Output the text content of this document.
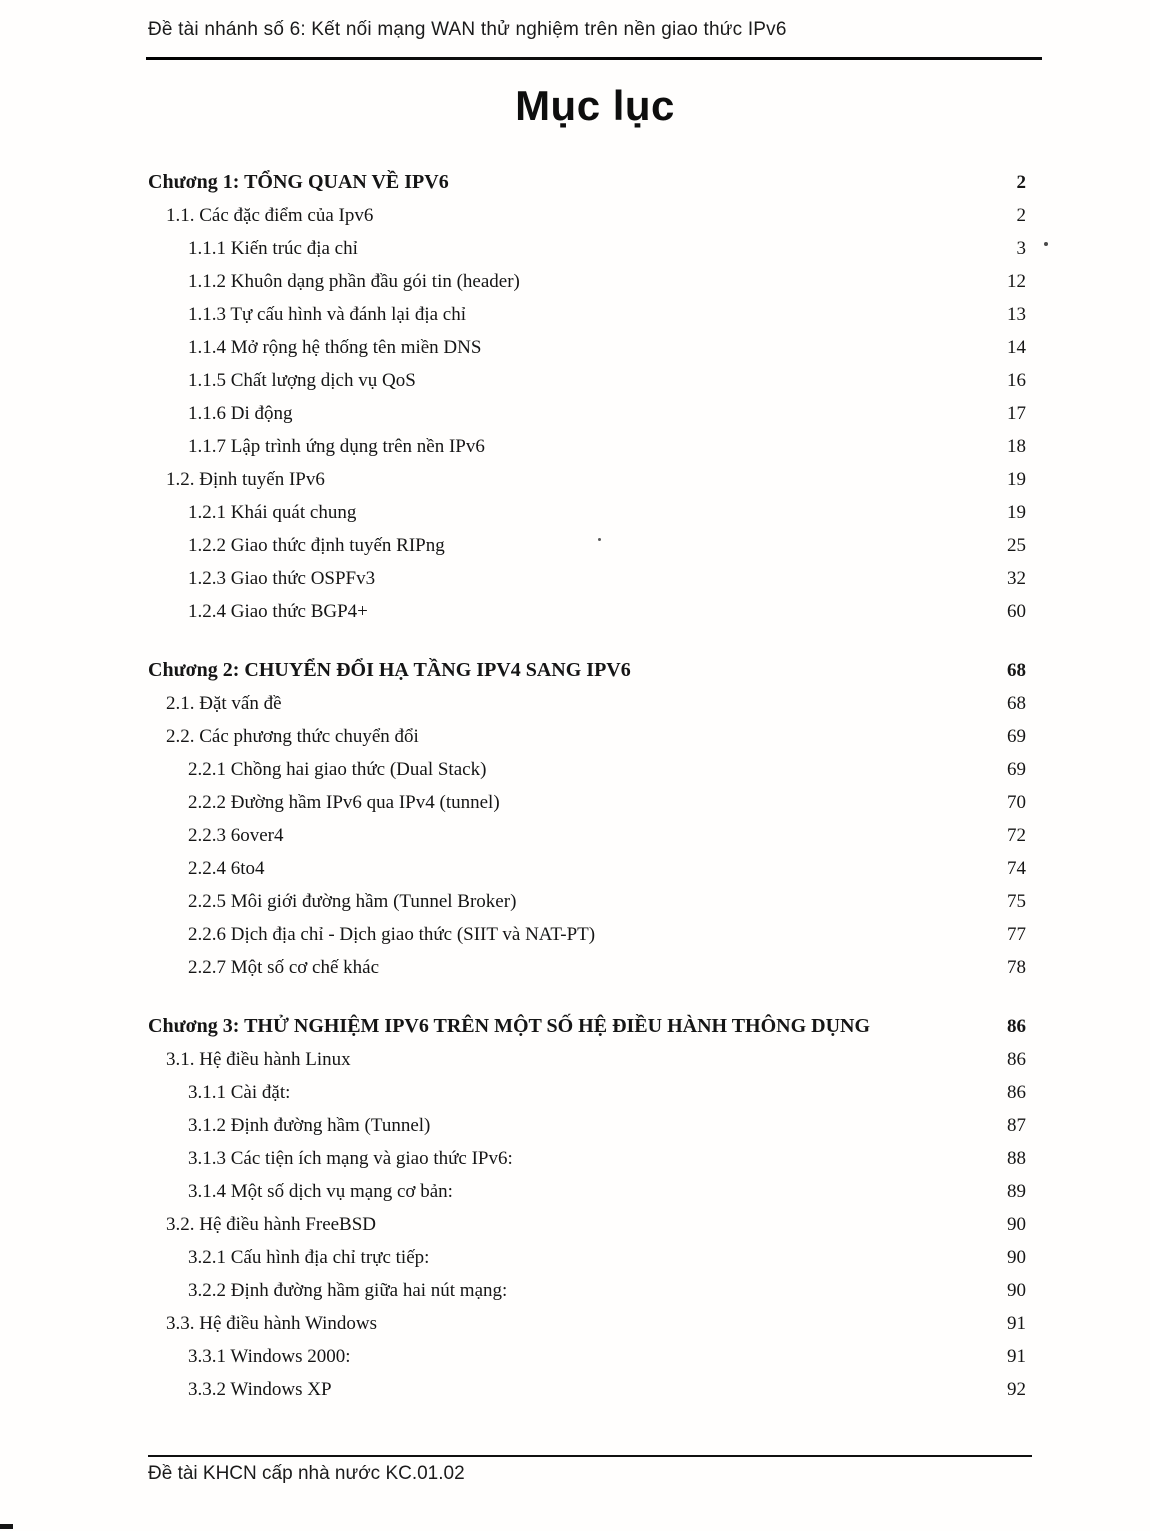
Đề tài nhánh số 6: Kết nối mạng WAN thử nghiệm trên nền giao thức IPv6
Mục lục
Chương 1: TỔNG QUAN VỀ IPV6	2
1.1. Các đặc điểm của Ipv6	2
1.1.1 Kiến trúc địa chỉ	3
1.1.2 Khuôn dạng phần đầu gói tin (header)	12
1.1.3 Tự cấu hình và đánh lại địa chỉ	13
1.1.4 Mở rộng hệ thống tên miền DNS	14
1.1.5 Chất lượng dịch vụ QoS	16
1.1.6 Di động	17
1.1.7 Lập trình ứng dụng trên nền IPv6	18
1.2. Định tuyến IPv6	19
1.2.1 Khái quát chung	19
1.2.2 Giao thức định tuyến RIPng	25
1.2.3 Giao thức OSPFv3	32
1.2.4 Giao thức BGP4+	60
Chương 2: CHUYỂN ĐỔI HẠ TẦNG IPV4 SANG IPV6	68
2.1. Đặt vấn đề	68
2.2. Các phương thức chuyển đổi	69
2.2.1 Chồng hai giao thức (Dual Stack)	69
2.2.2 Đường hầm IPv6 qua IPv4 (tunnel)	70
2.2.3 6over4	72
2.2.4 6to4	74
2.2.5 Môi giới đường hầm (Tunnel Broker)	75
2.2.6 Dịch địa chỉ - Dịch giao thức (SIIT và NAT-PT)	77
2.2.7 Một số cơ chế khác	78
Chương 3: THỬ NGHIỆM IPV6 TRÊN MỘT SỐ HỆ ĐIỀU HÀNH THÔNG DỤNG	86
3.1. Hệ điều hành Linux	86
3.1.1 Cài đặt:	86
3.1.2 Định đường hầm (Tunnel)	87
3.1.3 Các tiện ích mạng và giao thức IPv6:	88
3.1.4 Một số dịch vụ mạng cơ bản:	89
3.2. Hệ điều hành FreeBSD	90
3.2.1 Cấu hình địa chỉ trực tiếp:	90
3.2.2 Định đường hầm giữa hai nút mạng:	90
3.3. Hệ điều hành Windows	91
3.3.1 Windows 2000:	91
3.3.2 Windows XP	92
Đề tài KHCN cấp nhà nước KC.01.02
